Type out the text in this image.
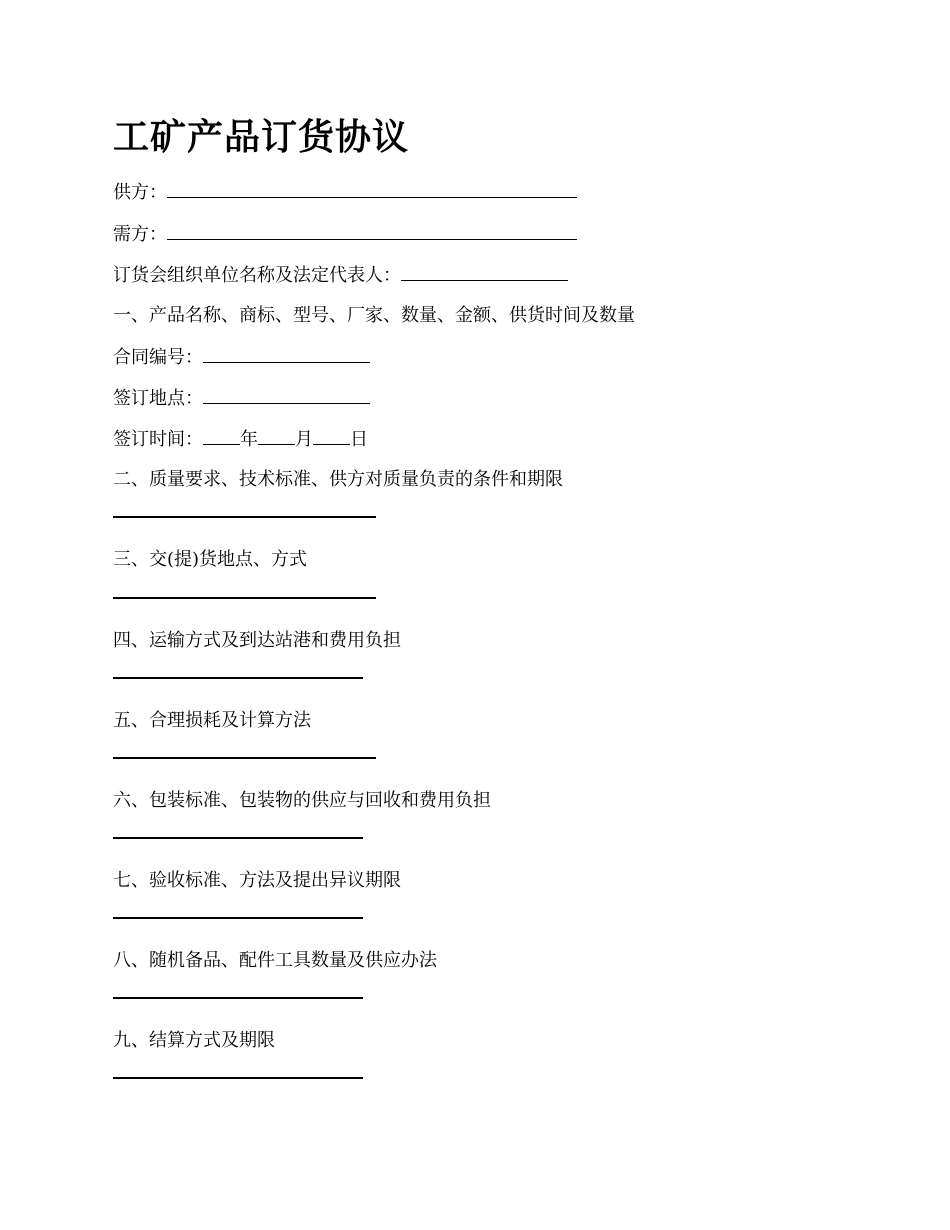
工矿产品订货协议
供方：
需方：
订货会组织单位名称及法定代表人：
一、产品名称、商标、型号、厂家、数量、金额、供货时间及数量
合同编号：
签订地点：
签订时间： 年 月 日
二、质量要求、技术标准、供方对质量负责的条件和期限
三、交(提)货地点、方式
四、运输方式及到达站港和费用负担
五、合理损耗及计算方法
六、包装标准、包装物的供应与回收和费用负担
七、验收标准、方法及提出异议期限
八、随机备品、配件工具数量及供应办法
九、结算方式及期限
